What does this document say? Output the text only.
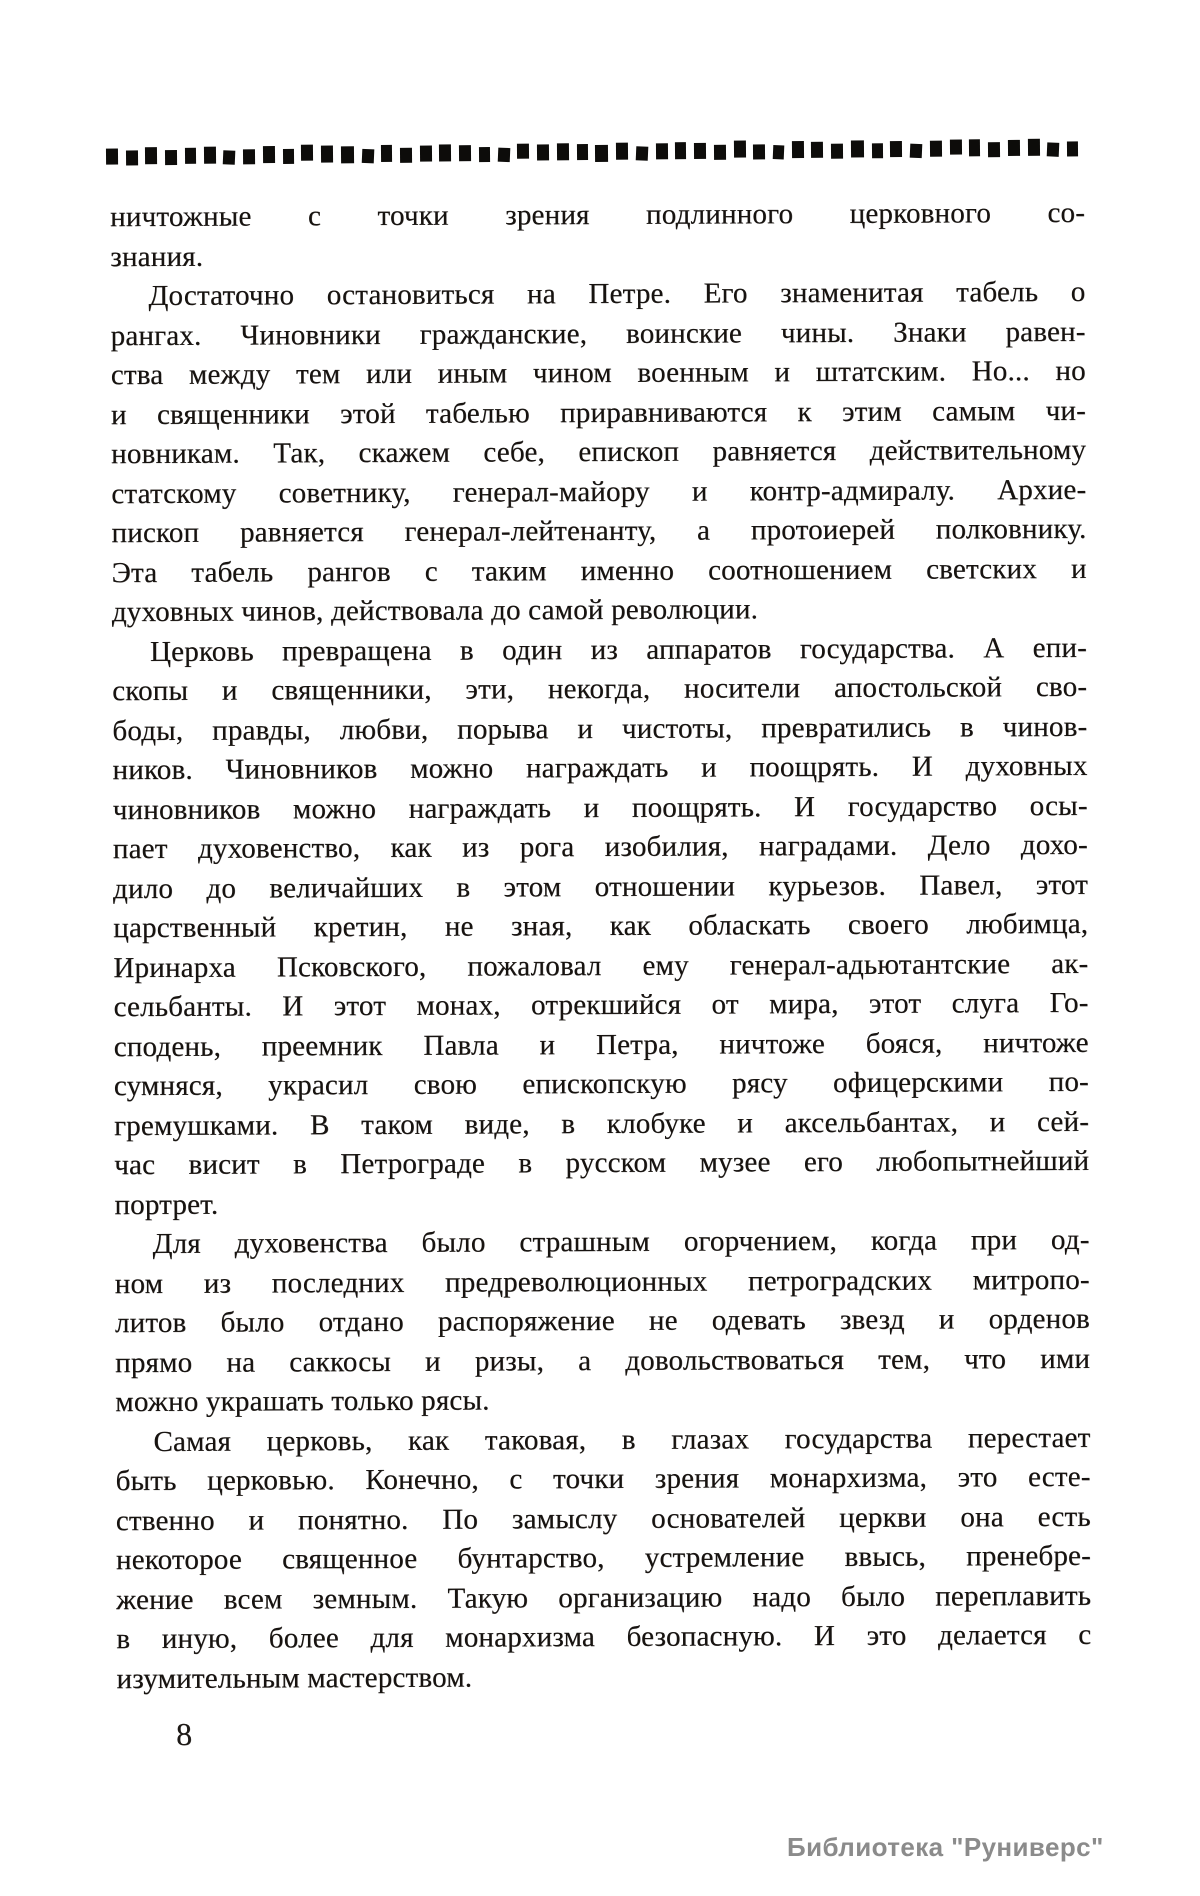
ничтожные с точки зрения подлинного церковного со-
знания.
Достаточно остановиться на Петре. Его знаменитая табель о
рангах. Чиновники гражданские, воинские чины. Знаки равен-
ства между тем или иным чином военным и штатским. Но... но
и священники этой табелью приравниваются к этим самым чи-
новникам. Так, скажем себе, епископ равняется действительному
статскому советнику, генерал-майору и контр-адмиралу. Архие-
пископ равняется генерал-лейтенанту, а протоиерей полковнику.
Эта табель рангов с таким именно соотношением светских и
духовных чинов, действовала до самой революции.
Церковь превращена в один из аппаратов государства. А епи-
скопы и священники, эти, некогда, носители апостольской сво-
боды, правды, любви, порыва и чистоты, превратились в чинов-
ников. Чиновников можно награждать и поощрять. И духовных
чиновников можно награждать и поощрять. И государство осы-
пает духовенство, как из рога изобилия, наградами. Дело дохо-
дило до величайших в этом отношении курьезов. Павел, этот
царственный кретин, не зная, как обласкать своего любимца,
Иринарха Псковского, пожаловал ему генерал-адьютантские ак-
сельбанты. И этот монах, отрекшийся от мира, этот слуга Го-
сподень, преемник Павла и Петра, ничтоже бояся, ничтоже
сумняся, украсил свою епископскую рясу офицерскими по-
гремушками. В таком виде, в клобуке и аксельбантах, и сей-
час висит в Петрограде в русском музее его любопытнейший
портрет.
Для духовенства было страшным огорчением, когда при од-
ном из последних предреволюционных петроградских митропо-
литов было отдано распоряжение не одевать звезд и орденов
прямо на саккосы и ризы, а довольствоваться тем, что ими
можно украшать только рясы.
Самая церковь, как таковая, в глазах государства перестает
быть церковью. Конечно, с точки зрения монархизма, это есте-
ственно и понятно. По замыслу основателей церкви она есть
некоторое священное бунтарство, устремление ввысь, пренебре-
жение всем земным. Такую организацию надо было переплавить
в иную, более для монархизма безопасную. И это делается с
изумительным мастерством.
8
Библиотека "Руниверс"
